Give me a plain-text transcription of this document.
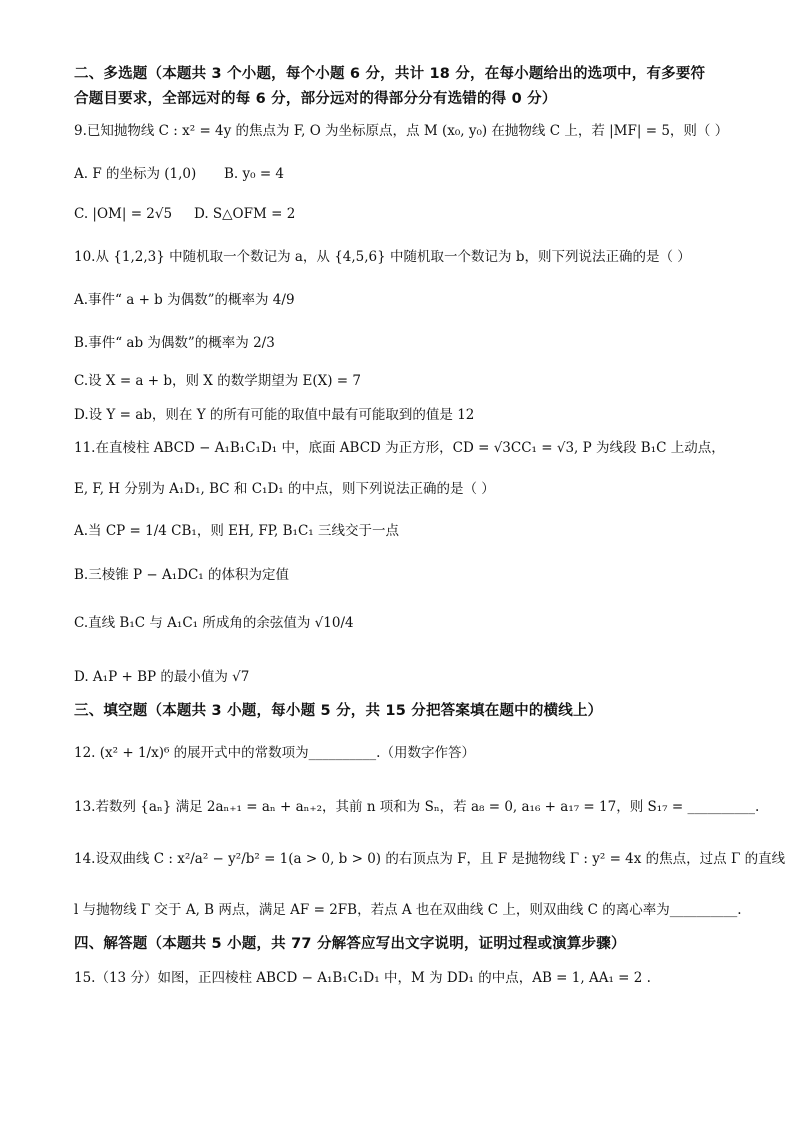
二、多选题（本题共 3 个小题，每个小题 6 分，共计 18 分，在每小题给出的选项中，有多要符
合题目要求，全部远对的每 6 分，部分远对的得部分分有选错的得 0 分）
9.已知抛物线 C : x² = 4y 的焦点为 F, O 为坐标原点，点 M (x₀, y₀) 在抛物线 C 上，若 |MF| = 5，则（ ）
A. F 的坐标为 (1,0)	B. y₀ = 4
C. |OM| = 2√5	D. S△OFM = 2
10.从 {1,2,3} 中随机取一个数记为 a，从 {4,5,6} 中随机取一个数记为 b，则下列说法正确的是（ ）
A.事件“ a + b 为偶数”的概率为 4/9
B.事件“ ab 为偶数”的概率为 2/3
C.设 X = a + b，则 X 的数学期望为 E(X) = 7
D.设 Y = ab，则在 Y 的所有可能的取值中最有可能取到的值是 12
11.在直棱柱 ABCD − A₁B₁C₁D₁ 中，底面 ABCD 为正方形，CD = √3CC₁ = √3, P 为线段 B₁C 上动点，
E, F, H 分别为 A₁D₁, BC 和 C₁D₁ 的中点，则下列说法正确的是（ ）
A.当 CP = 1/4 CB₁，则 EH, FP, B₁C₁ 三线交于一点
B.三棱锥 P − A₁DC₁ 的体积为定值
C.直线 B₁C 与 A₁C₁ 所成角的余弦值为 √10/4
D. A₁P + BP 的最小值为 √7
三、填空题（本题共 3 小题，每小题 5 分，共 15 分把答案填在题中的横线上）
12. (x² + 1/x)⁶ 的展开式中的常数项为__________.（用数字作答）
13.若数列 {aₙ} 满足 2aₙ₊₁ = aₙ + aₙ₊₂，其前 n 项和为 Sₙ，若 a₈ = 0, a₁₆ + a₁₇ = 17，则 S₁₇ = __________.
14.设双曲线 C : x²/a² − y²/b² = 1(a > 0, b > 0) 的右顶点为 F，且 F 是抛物线 Γ : y² = 4x 的焦点，过点 Γ 的直线
l 与抛物线 Γ 交于 A, B 两点，满足 AF = 2FB，若点 A 也在双曲线 C 上，则双曲线 C 的离心率为__________.
四、解答题（本题共 5 小题，共 77 分解答应写出文字说明，证明过程或演算步骤）
15.（13 分）如图，正四棱柱 ABCD − A₁B₁C₁D₁ 中，M 为 DD₁ 的中点，AB = 1, AA₁ = 2 .
